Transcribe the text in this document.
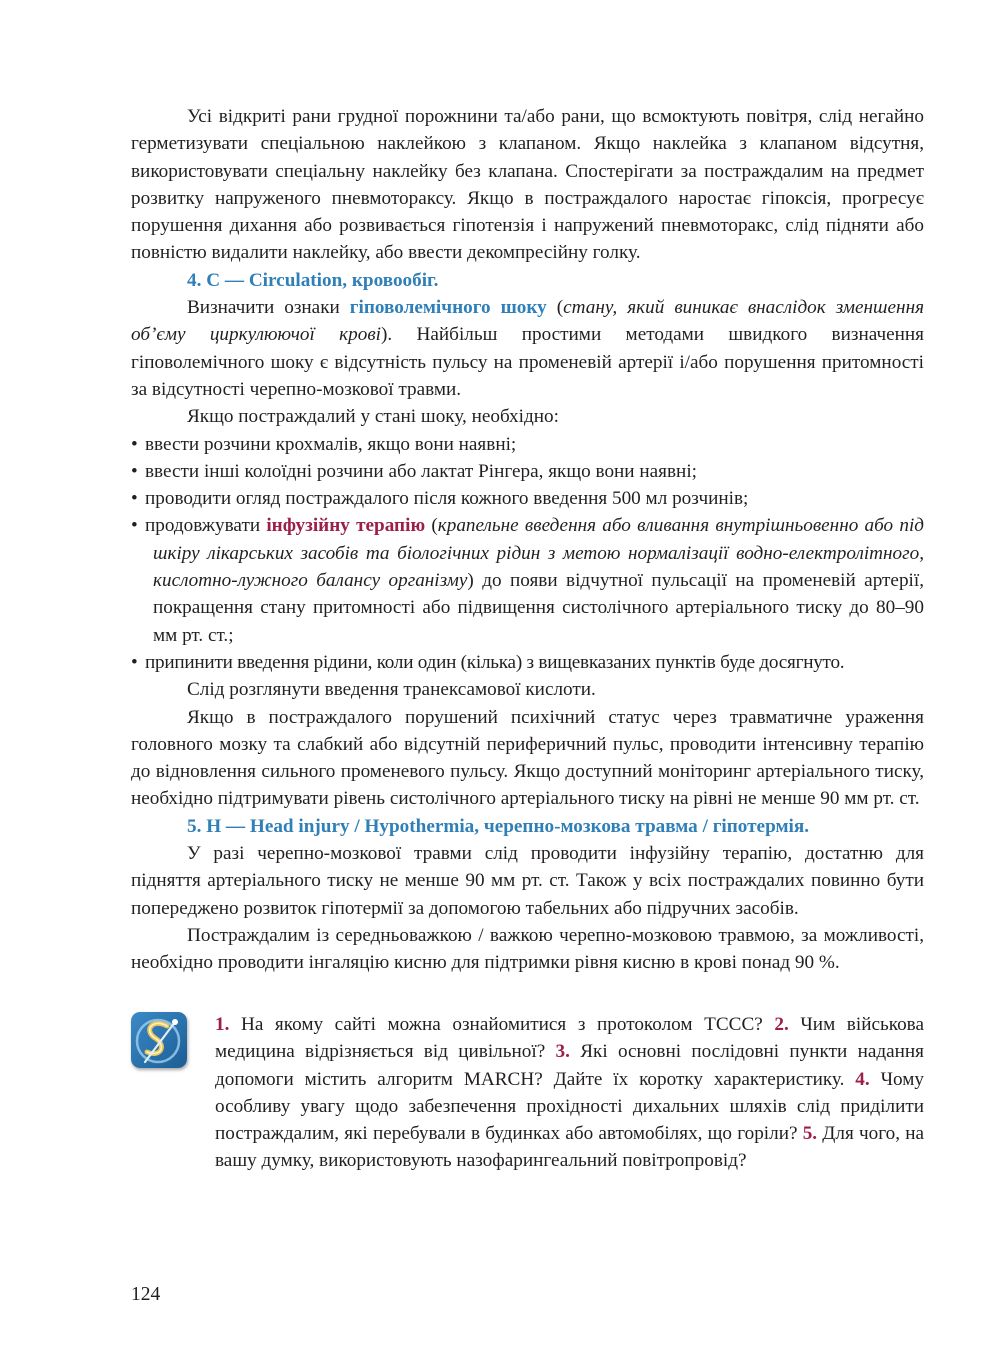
Усі відкриті рани грудної порожнини та/або рани, що всмоктують повітря, слід негайно герметизувати спеціальною наклейкою з клапаном. Якщо наклейка з клапаном відсутня, використовувати спеціальну наклейку без клапана. Спостерігати за постраждалим на предмет розвитку напруженого пневмотораксу. Якщо в постраждалого наростає гіпоксія, прогресує порушення дихання або розвивається гіпотензія і напружений пневмоторакс, слід підняти або повністю видалити наклейку, або ввести декомпресійну голку.

4. С — Circulation, кровообіг.

Визначити ознаки гіповолемічного шоку (стану, який виникає внаслідок зменшення об’єму циркулюючої крові). Найбільш простими методами швидкого визначення гіповолемічного шоку є відсутність пульсу на променевій артерії і/або порушення притомності за відсутності черепно-мозкової травми.

Якщо постраждалий у стані шоку, необхідно:

• ввести розчини крохмалів, якщо вони наявні;
• ввести інші колоїдні розчини або лактат Рінгера, якщо вони наявні;
• проводити огляд постраждалого після кожного введення 500 мл розчинів;
• продовжувати інфузійну терапію (крапельне введення або вливання внутрішньовенно або під шкіру лікарських засобів та біологічних рідин з метою нормалізації водно-електролітного, кислотно-лужного балансу організму) до появи відчутної пульсації на променевій артерії, покращення стану притомності або підвищення систолічного артеріального тиску до 80–90 мм рт. ст.;
• припинити введення рідини, коли один (кілька) з вищевказаних пунктів буде досягнуто.

Слід розглянути введення транексамової кислоти.

Якщо в постраждалого порушений психічний статус через травматичне ураження головного мозку та слабкий або відсутній периферичний пульс, проводити інтенсивну терапію до відновлення сильного променевого пульсу. Якщо доступний моніторинг артеріального тиску, необхідно підтримувати рівень систолічного артеріального тиску на рівні не менше 90 мм рт. ст.

5. Н — Head injury / Hypothermia, черепно-мозкова травма / гіпотермія.

У разі черепно-мозкової травми слід проводити інфузійну терапію, достатню для підняття артеріального тиску не менше 90 мм рт. ст. Також у всіх постраждалих повинно бути попереджено розвиток гіпотермії за допомогою табельних або підручних засобів.

Постраждалим із середньоважкою / важкою черепно-мозковою травмою, за можливості, необхідно проводити інгаляцію кисню для підтримки рівня кисню в крові понад 90 %.

1. На якому сайті можна ознайомитися з протоколом TCCC? 2. Чим військова медицина відрізняється від цивільної? 3. Які основні послідовні пункти надання допомоги містить алгоритм MARCH? Дайте їх коротку характеристику. 4. Чому особливу увагу щодо забезпечення прохідності дихальних шляхів слід приділити постраждалим, які перебували в будинках або автомобілях, що горіли? 5. Для чого, на вашу думку, використовують назофарингеальний повітропровід?
124
